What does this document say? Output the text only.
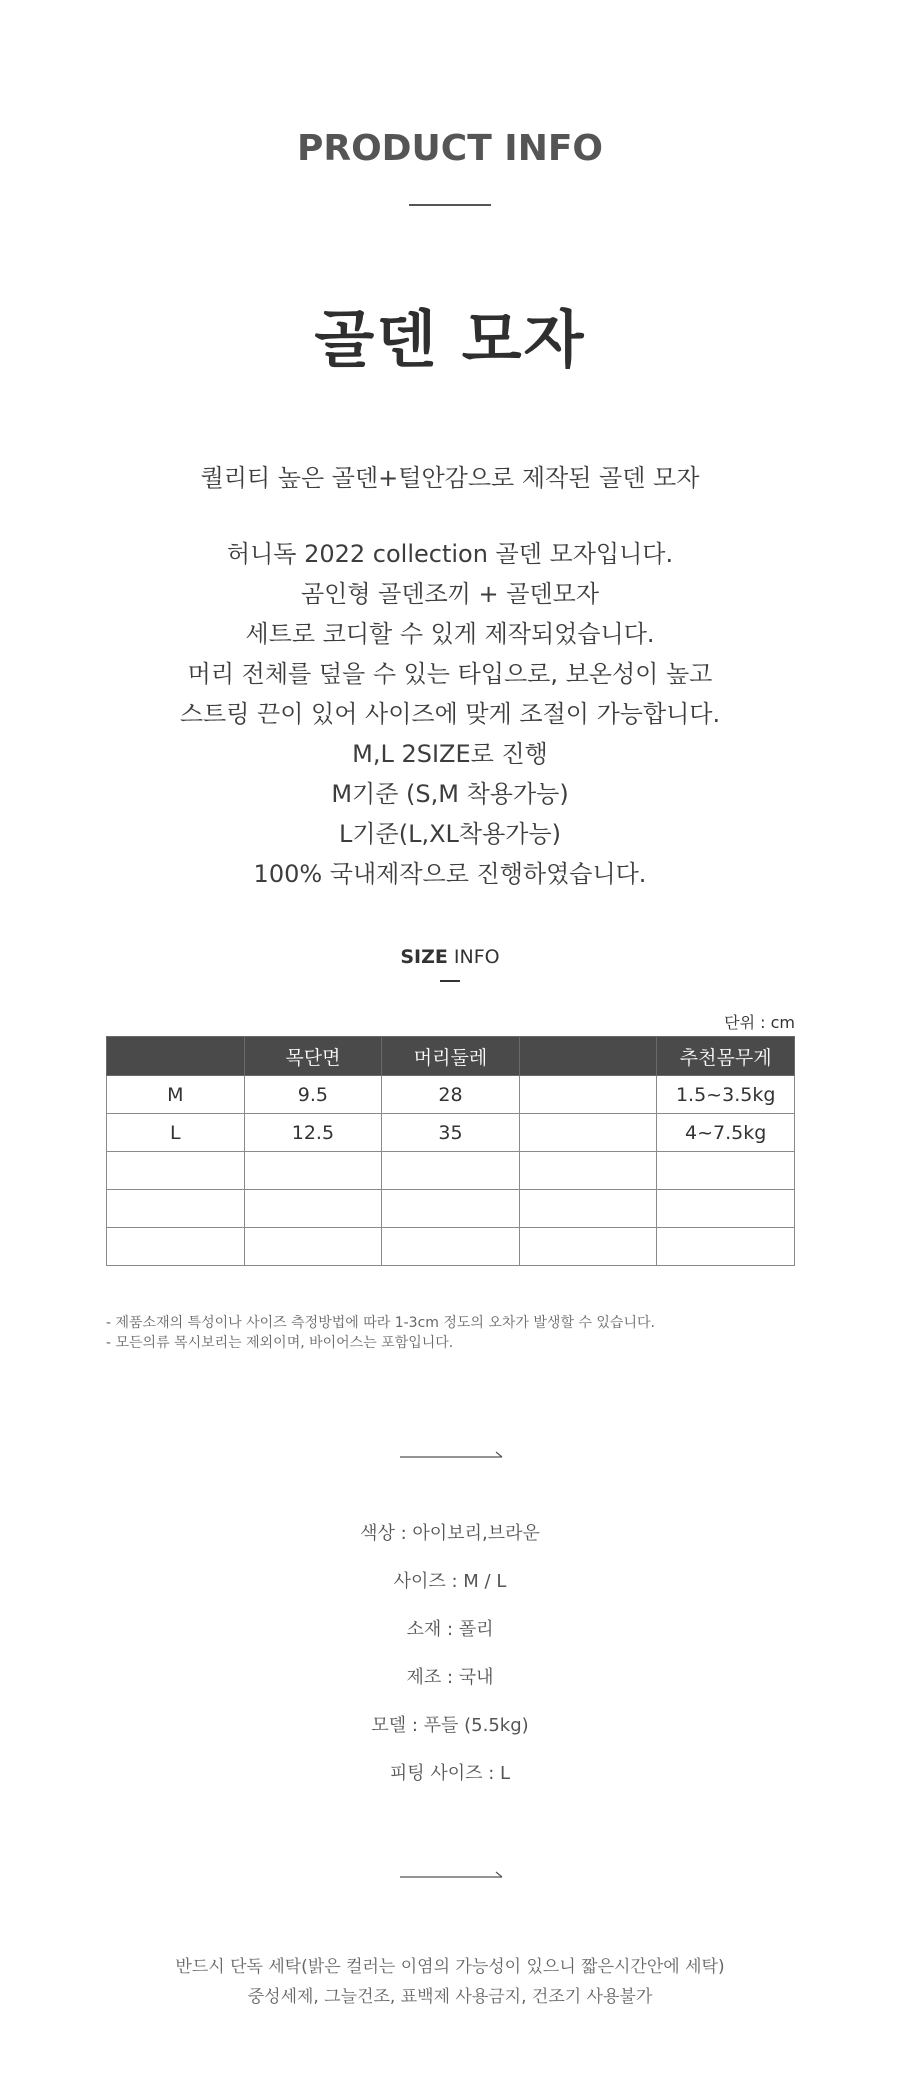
PRODUCT INFO
골덴 모자
퀄리티 높은 골덴+털안감으로 제작된 골덴 모자
허니독 2022 collection 골덴 모자입니다.
곰인형 골덴조끼 + 골덴모자
세트로 코디할 수 있게 제작되었습니다.
머리 전체를 덮을 수 있는 타입으로, 보온성이 높고
스트링 끈이 있어 사이즈에 맞게 조절이 가능합니다.
M,L 2SIZE로 진행
M기준 (S,M 착용가능)
L기준(L,XL착용가능)
100% 국내제작으로 진행하였습니다.
SIZE INFO
단위 : cm
	목단면	머리둘레		추천몸무게
M	9.5	28		1.5~3.5kg
L	12.5	35		4~7.5kg

- 제품소재의 특성이나 사이즈 측정방법에 따라 1-3cm 정도의 오차가 발생할 수 있습니다.
- 모든의류 목시보리는 제외이며, 바이어스는 포함입니다.
색상 : 아이보리,브라운
사이즈 : M / L
소재 : 폴리
제조 : 국내
모델 : 푸들 (5.5kg)
피팅 사이즈 : L
반드시 단독 세탁(밝은 컬러는 이염의 가능성이 있으니 짧은시간안에 세탁)
중성세제, 그늘건조, 표백제 사용금지, 건조기 사용불가
